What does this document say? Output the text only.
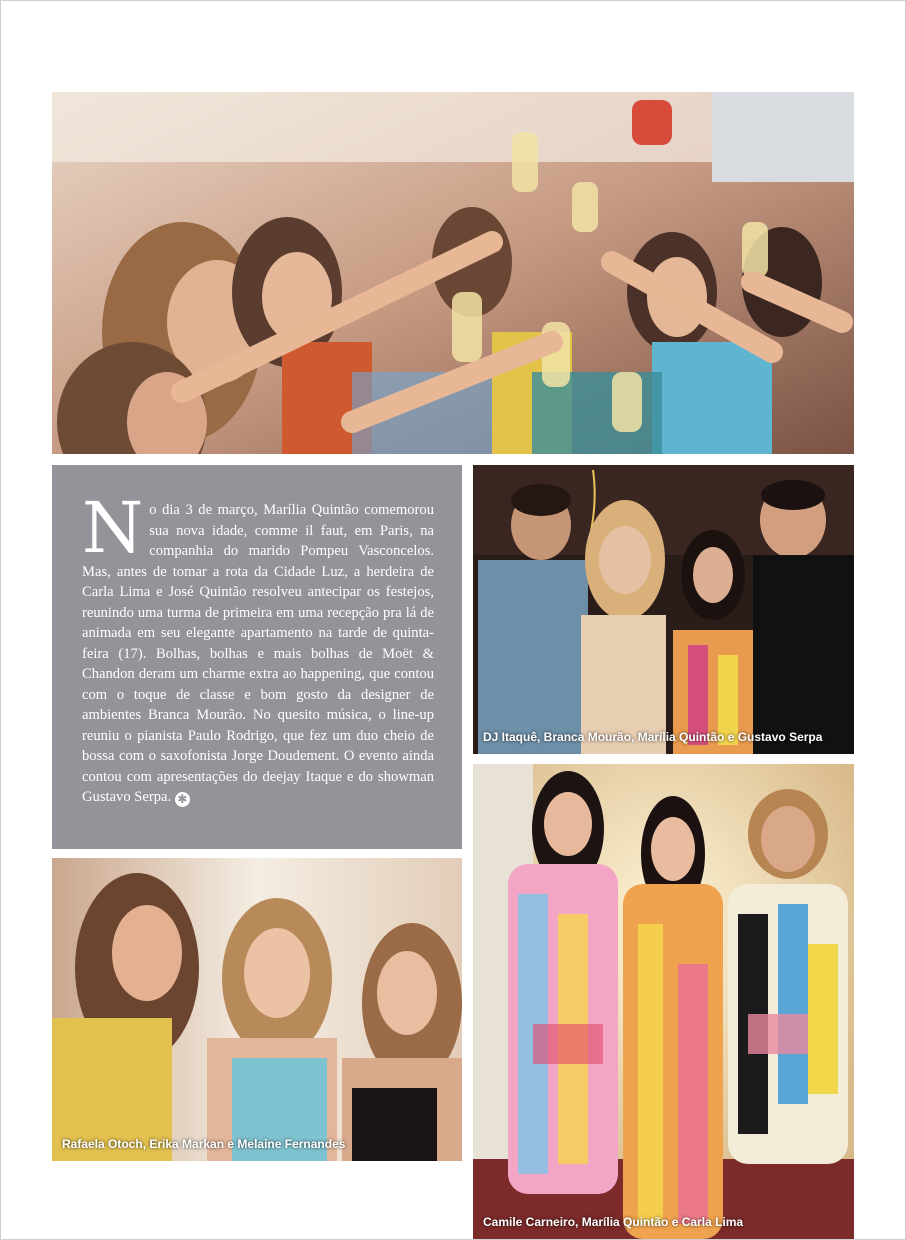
No dia 3 de março, Marília Quintão comemorou sua nova idade, comme il faut, em Paris, na companhia do marido Pompeu Vasconcelos. Mas, antes de tomar a rota da Cidade Luz, a herdeira de Carla Lima e José Quintão resolveu antecipar os festejos, reunindo uma turma de primeira em uma recepção pra lá de animada em seu elegante apartamento na tarde de quinta-feira (17). Bolhas, bolhas e mais bolhas de Moët & Chandon deram um charme extra ao happening, que contou com o toque de classe e bom gosto da designer de ambientes Branca Mourão. No quesito música, o line-up reuniu o pianista Paulo Rodrigo, que fez um duo cheio de bossa com o saxofonista Jorge Doudement. O evento ainda contou com apresentações do deejay Itaque e do showman Gustavo Serpa. ✱
DJ Itaquê, Branca Mourão, Marília Quintão e Gustavo Serpa
Rafaela Otoch, Erika Markan e Melaine Fernandes
Camile Carneiro, Marília Quintão e Carla Lima
